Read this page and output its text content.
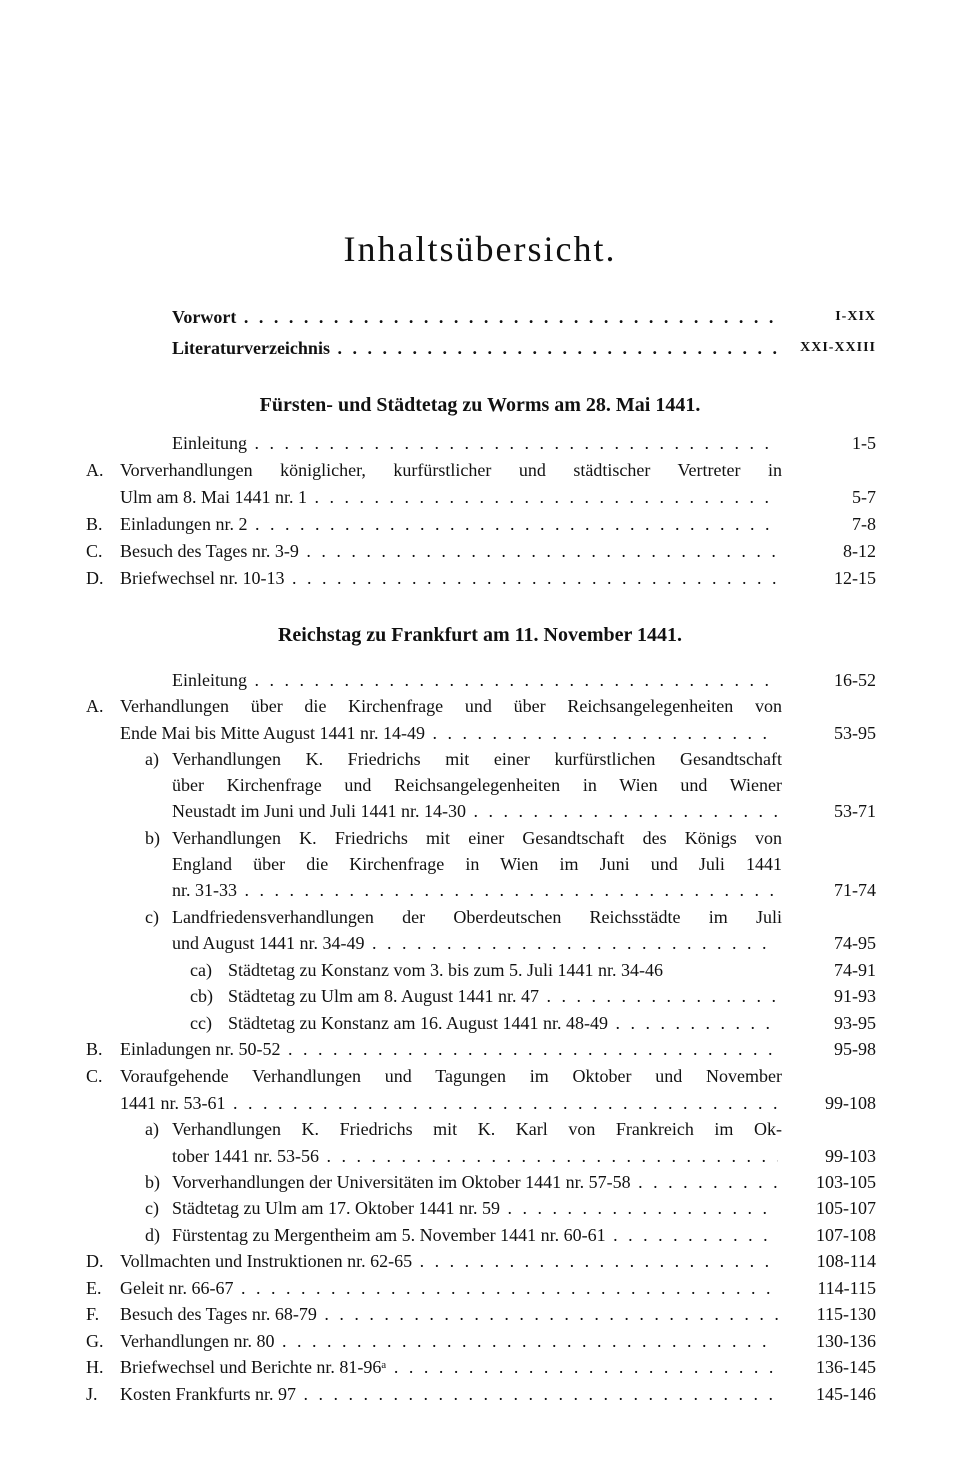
Inhaltsübersicht.
Vorwort . . .	I-XIX
Literaturverzeichnis . . .	XXI-XXIII
Fürsten- und Städtetag zu Worms am 28. Mai 1441.
Einleitung . . .	1-5
A. Vorverhandlungen königlicher, kurfürstlicher und städtischer Vertreter in
Ulm am 8. Mai 1441 nr. 1 . . .	5-7
B. Einladungen nr. 2 . . .	7-8
C. Besuch des Tages nr. 3-9 . . .	8-12
D. Briefwechsel nr. 10-13 . . .	12-15
Reichstag zu Frankfurt am 11. November 1441.
Einleitung . . .	16-52
A. Verhandlungen über die Kirchenfrage und über Reichsangelegenheiten von
Ende Mai bis Mitte August 1441 nr. 14-49 . . .	53-95
a) Verhandlungen K. Friedrichs mit einer kurfürstlichen Gesandtschaft
über Kirchenfrage und Reichsangelegenheiten in Wien und Wiener
Neustadt im Juni und Juli 1441 nr. 14-30 . . .	53-71
b) Verhandlungen K. Friedrichs mit einer Gesandtschaft des Königs von
England über die Kirchenfrage in Wien im Juni und Juli 1441
nr. 31-33 . . .	71-74
c) Landfriedensverhandlungen der Oberdeutschen Reichsstädte im Juli
und August 1441 nr. 34-49 . . .	74-95
ca) Städtetag zu Konstanz vom 3. bis zum 5. Juli 1441 nr. 34-46	74-91
cb) Städtetag zu Ulm am 8. August 1441 nr. 47 . . .	91-93
cc) Städtetag zu Konstanz am 16. August 1441 nr. 48-49 . . .	93-95
B. Einladungen nr. 50-52 . . .	95-98
C. Voraufgehende Verhandlungen und Tagungen im Oktober und November
1441 nr. 53-61 . . .	99-108
a) Verhandlungen K. Friedrichs mit K. Karl von Frankreich im Ok-
tober 1441 nr. 53-56 . . .	99-103
b) Vorverhandlungen der Universitäten im Oktober 1441 nr. 57-58 . . .	103-105
c) Städtetag zu Ulm am 17. Oktober 1441 nr. 59 . . .	105-107
d) Fürstentag zu Mergentheim am 5. November 1441 nr. 60-61 . . .	107-108
D. Vollmachten und Instruktionen nr. 62-65 . . .	108-114
E. Geleit nr. 66-67 . . .	114-115
F. Besuch des Tages nr. 68-79 . . .	115-130
G. Verhandlungen nr. 80 . . .	130-136
H. Briefwechsel und Berichte nr. 81-96ᵃ . . .	136-145
J. Kosten Frankfurts nr. 97 . . .	145-146
